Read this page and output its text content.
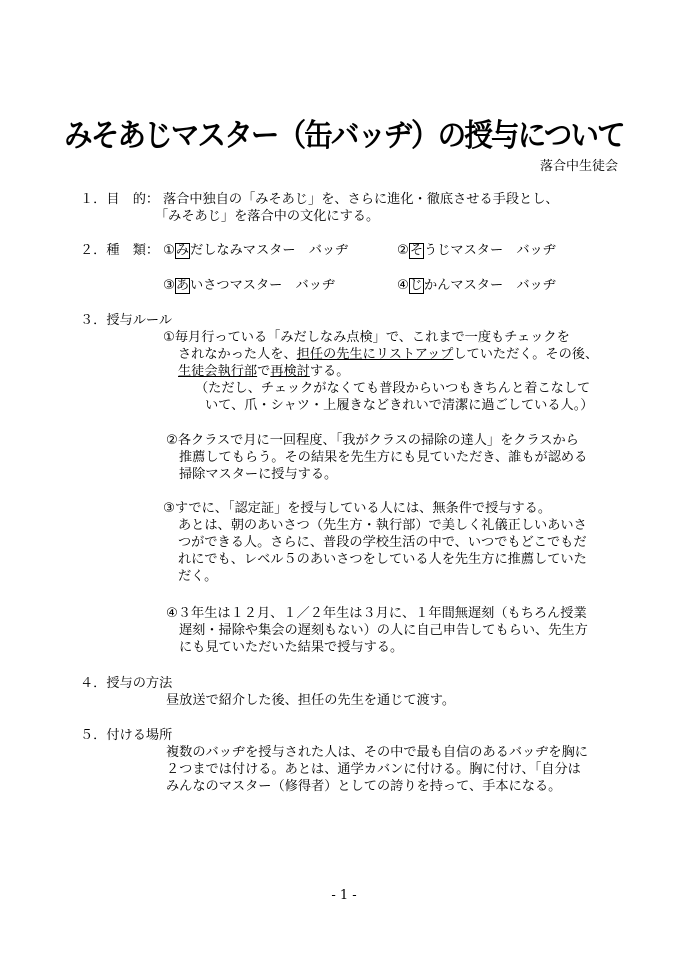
みそあじマスター（缶バッヂ）の授与について
落合中生徒会
１．目　的： 落合中独自の「みそあじ」を、さらに進化・徹底させる手段とし、
「みそあじ」を落合中の文化にする。
２．種　類： ①みだしなみマスター　バッヂ	②そうじマスター　バッヂ
③あいさつマスター　バッヂ	④じかんマスター　バッヂ
３．授与ルール
①毎月行っている「みだしなみ点検」で、これまで一度もチェックを
されなかった人を、担任の先生にリストアップしていただく。その後、
生徒会執行部で再検討する。
（ただし、チェックがなくても普段からいつもきちんと着こなして
いて、爪・シャツ・上履きなどきれいで清潔に過ごしている人。）
②各クラスで月に一回程度、「我がクラスの掃除の達人」をクラスから
推薦してもらう。その結果を先生方にも見ていただき、誰もが認める
掃除マスターに授与する。
③すでに、「認定証」を授与している人には、無条件で授与する。
あとは、朝のあいさつ（先生方・執行部）で美しく礼儀正しいあいさ
つができる人。さらに、普段の学校生活の中で、いつでもどこでもだ
れにでも、レベル５のあいさつをしている人を先生方に推薦していた
だく。
④３年生は１２月、１／２年生は３月に、１年間無遅刻（もちろん授業
遅刻・掃除や集会の遅刻もない）の人に自己申告してもらい、先生方
にも見ていただいた結果で授与する。
４．授与の方法
昼放送で紹介した後、担任の先生を通じて渡す。
５．付ける場所
複数のバッヂを授与された人は、その中で最も自信のあるバッヂを胸に
２つまでは付ける。あとは、通学カバンに付ける。胸に付け、「自分は
みんなのマスター（修得者）としての誇りを持って、手本になる。
- 1 -
